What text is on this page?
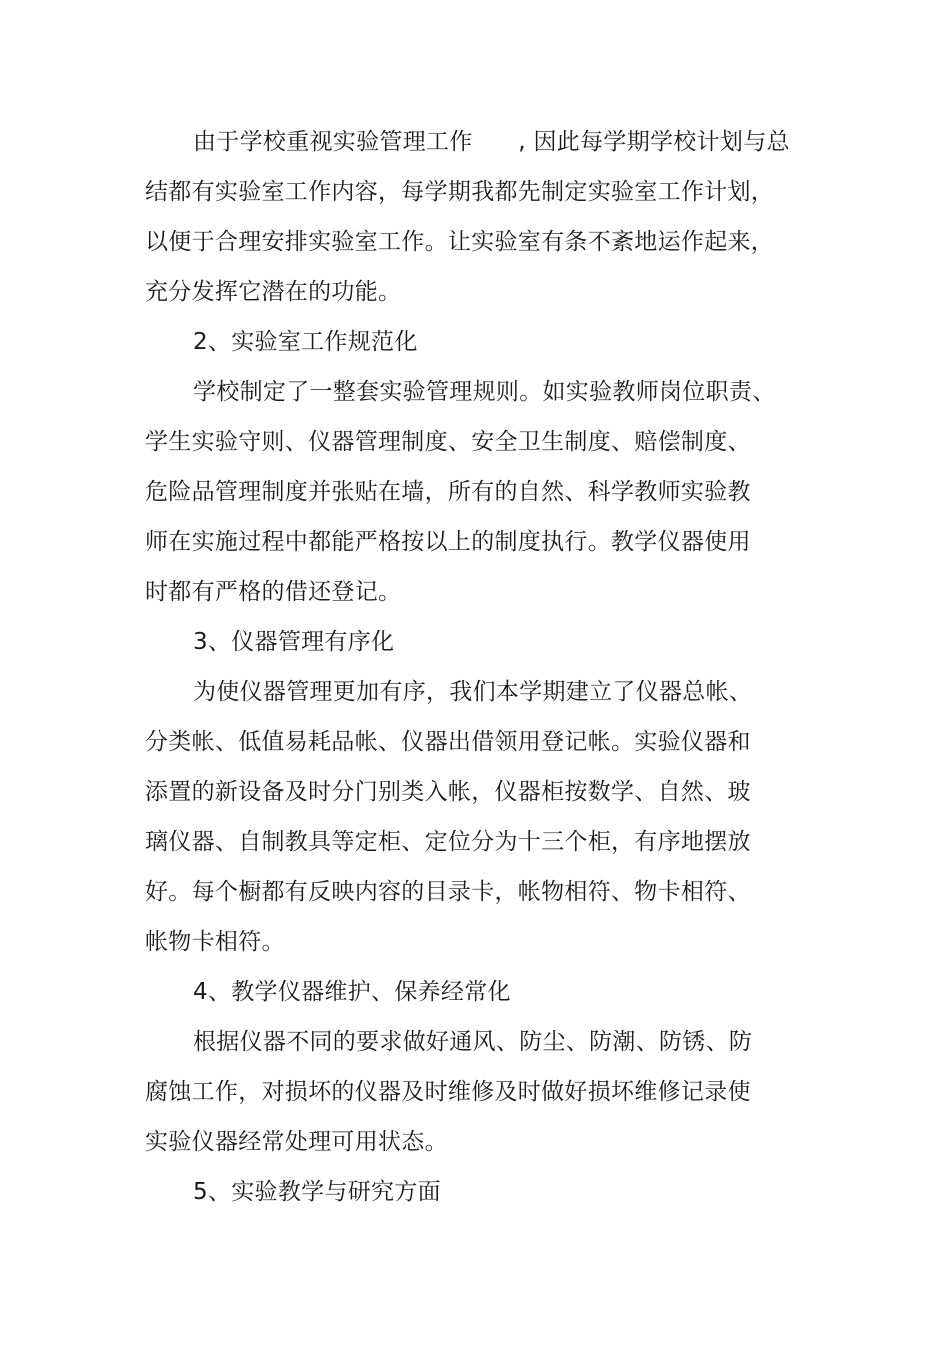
由于学校重视实验管理工作      , 因此每学期学校计划与总
结都有实验室工作内容，每学期我都先制定实验室工作计划，
以便于合理安排实验室工作。让实验室有条不紊地运作起来，
充分发挥它潜在的功能。
2、实验室工作规范化
学校制定了一整套实验管理规则。如实验教师岗位职责、
学生实验守则、仪器管理制度、安全卫生制度、赔偿制度、
危险品管理制度并张贴在墙，所有的自然、科学教师实验教
师在实施过程中都能严格按以上的制度执行。教学仪器使用
时都有严格的借还登记。
3、仪器管理有序化
为使仪器管理更加有序，我们本学期建立了仪器总帐、
分类帐、低值易耗品帐、仪器出借领用登记帐。实验仪器和
添置的新设备及时分门别类入帐，仪器柜按数学、自然、玻
璃仪器、自制教具等定柜、定位分为十三个柜，有序地摆放
好。每个橱都有反映内容的目录卡，帐物相符、物卡相符、
帐物卡相符。
4、教学仪器维护、保养经常化
根据仪器不同的要求做好通风、防尘、防潮、防锈、防
腐蚀工作，对损坏的仪器及时维修及时做好损坏维修记录使
实验仪器经常处理可用状态。
5、实验教学与研究方面
